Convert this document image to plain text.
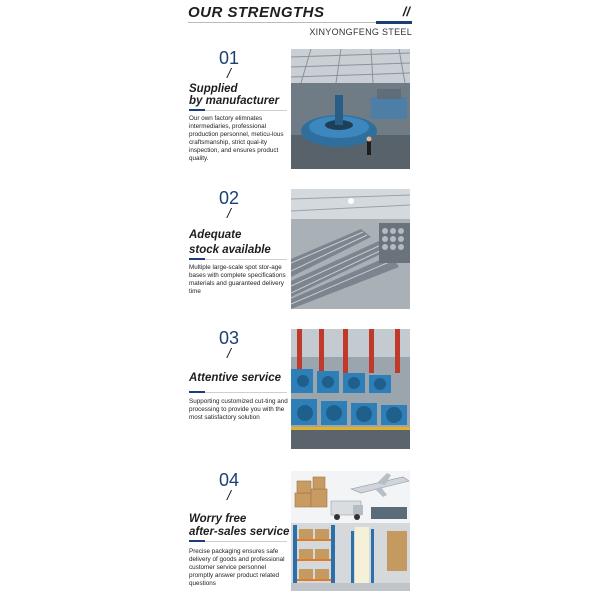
OUR STRENGTHS	//
XINYONGFENG STEEL
01
/
Supplied
by manufacturer
Our own factory elimnates intermediaries, professional production personnel, meticu-lous craftsmanship, strict qual-ity inspection, and ensures product quality.
02
/
Adequate
stock available
Multiple large-scale spot stor-age bases with complete specifications materials and guaranteed delivery time
03
/
Attentive service
Supporting customized cut-ting and processing to provide you with the most satisfactory solution
04
/
Worry free
after-sales service
Precise packaging ensures safe delivery of goods and professional customer service personnel promptly answer product related questions
